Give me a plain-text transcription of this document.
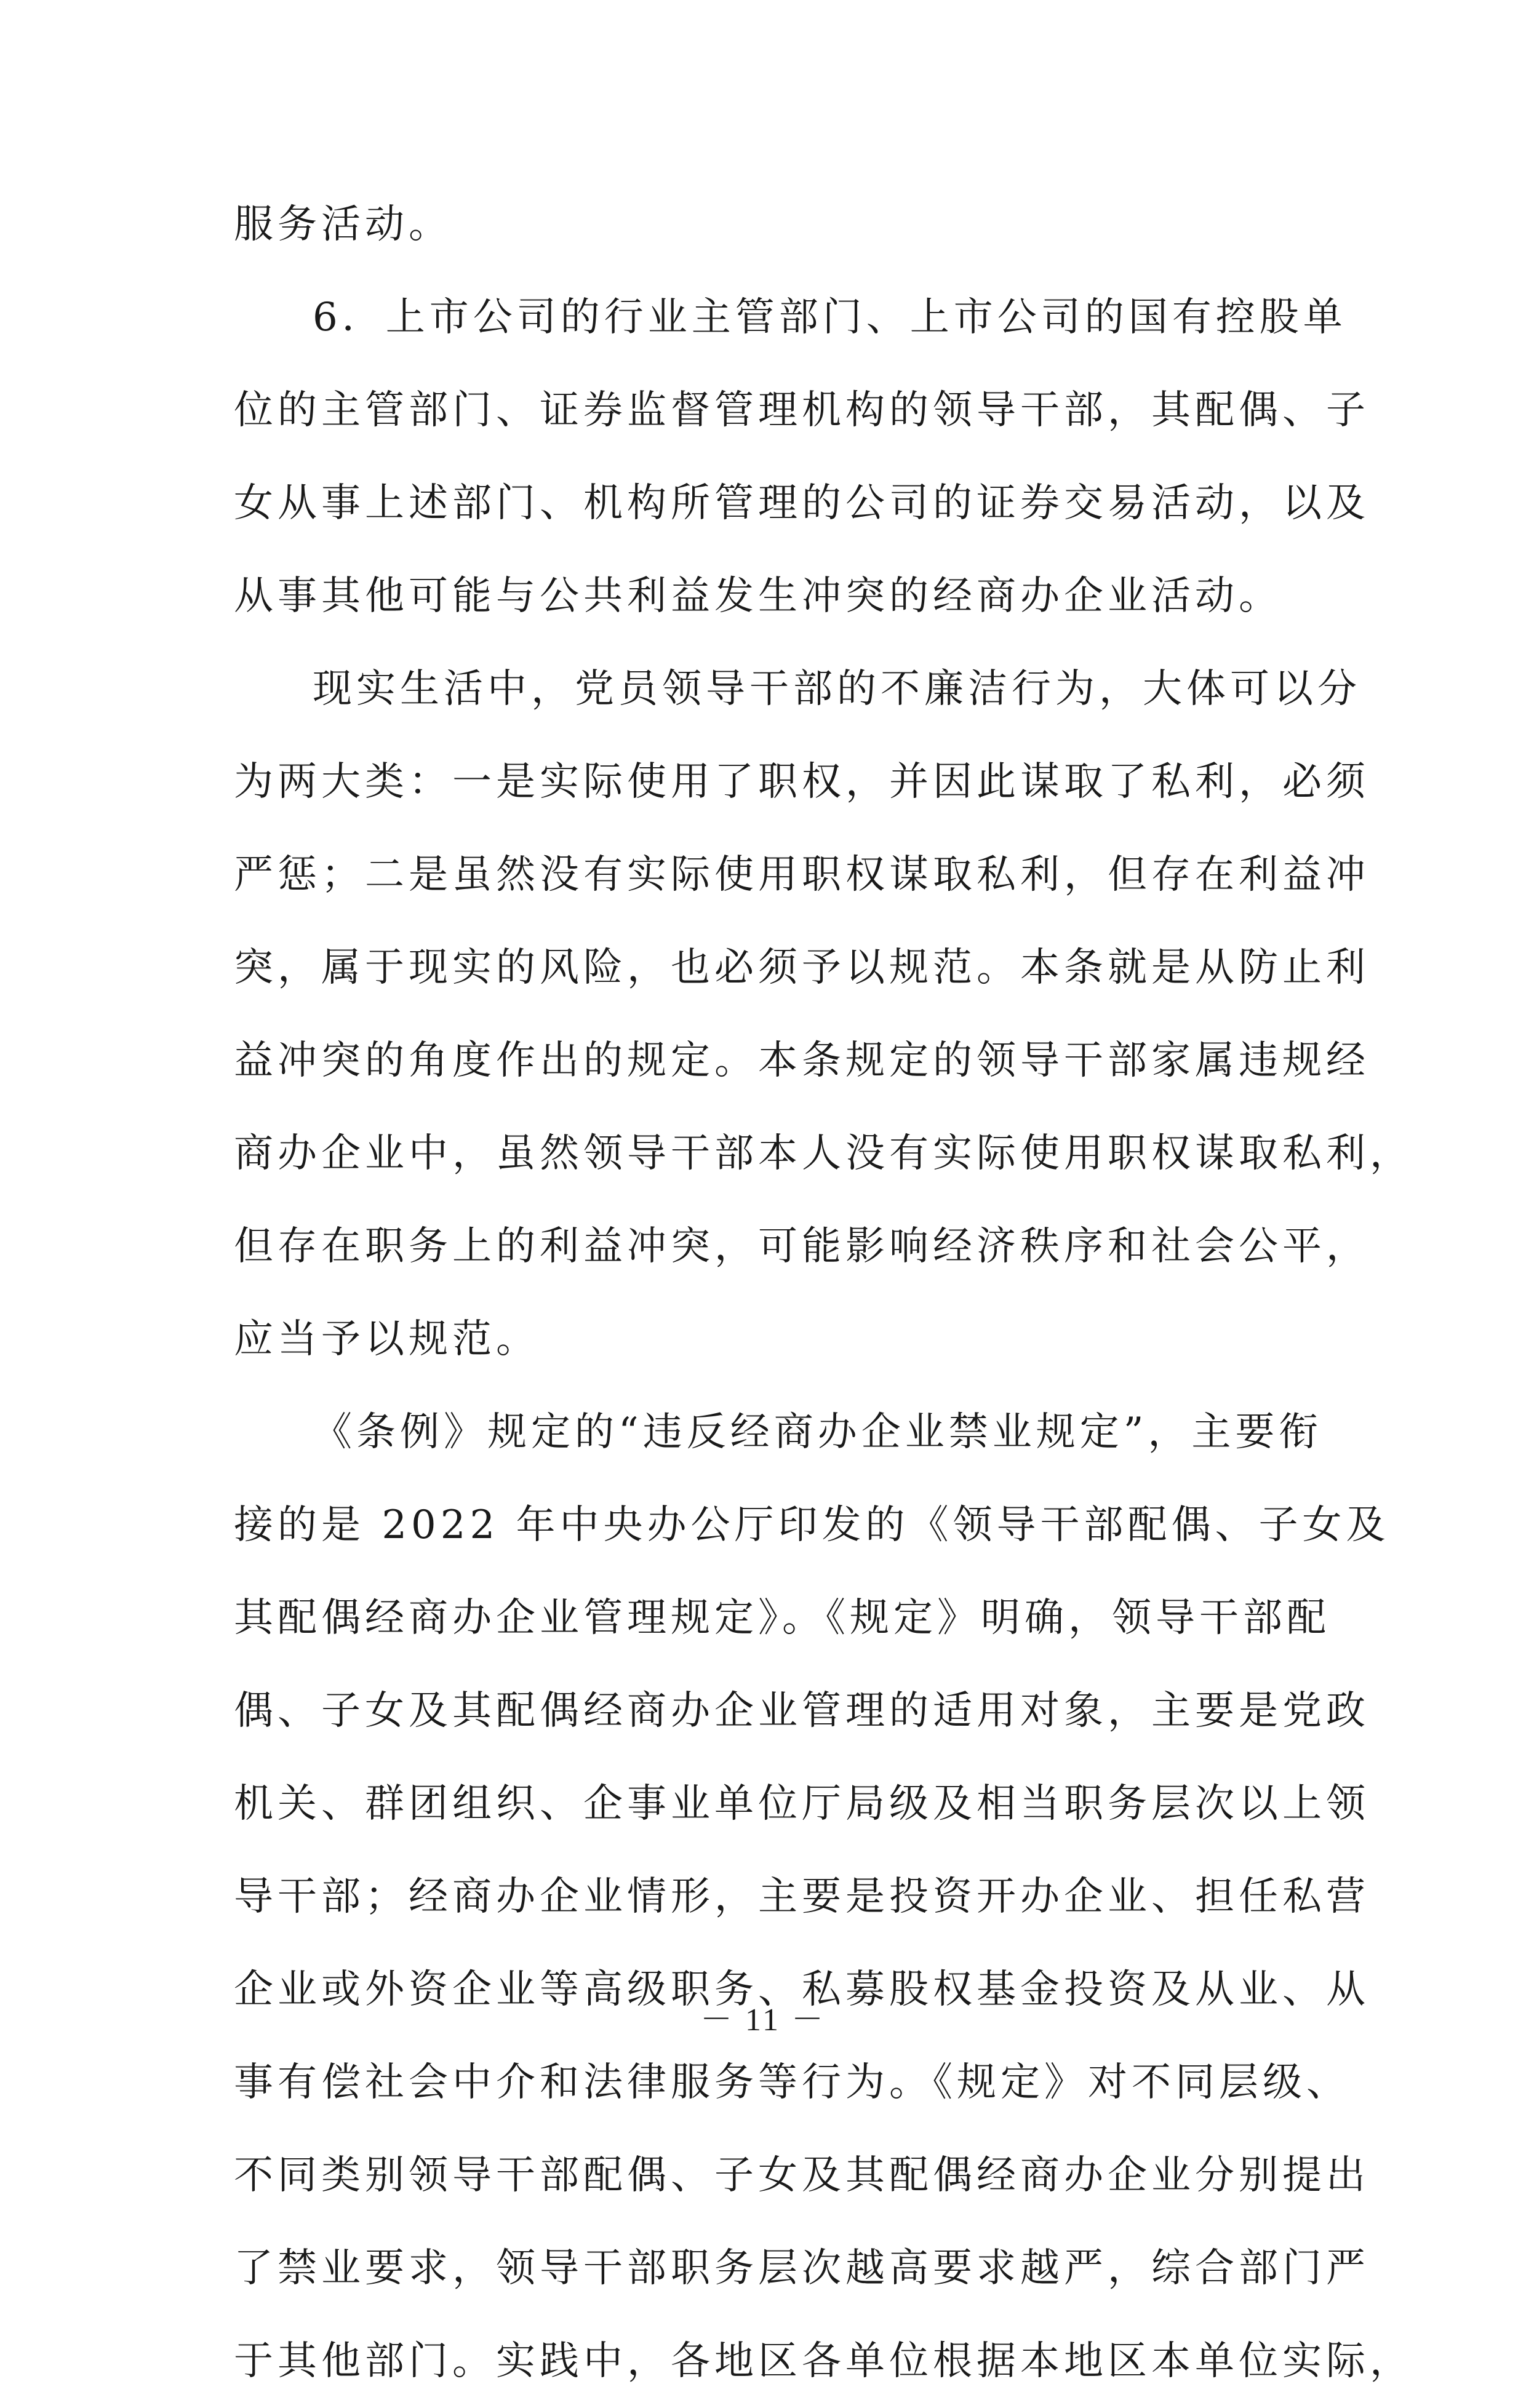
服务活动。
6．上市公司的行业主管部门、上市公司的国有控股单
位的主管部门、证券监督管理机构的领导干部，其配偶、子
女从事上述部门、机构所管理的公司的证券交易活动，以及
从事其他可能与公共利益发生冲突的经商办企业活动。
现实生活中，党员领导干部的不廉洁行为，大体可以分
为两大类：一是实际使用了职权，并因此谋取了私利，必须
严惩；二是虽然没有实际使用职权谋取私利，但存在利益冲
突，属于现实的风险，也必须予以规范。本条就是从防止利
益冲突的角度作出的规定。本条规定的领导干部家属违规经
商办企业中，虽然领导干部本人没有实际使用职权谋取私利，
但存在职务上的利益冲突，可能影响经济秩序和社会公平，
应当予以规范。
《条例》规定的“违反经商办企业禁业规定”，主要衔
接的是 2022 年中央办公厅印发的《领导干部配偶、子女及
其配偶经商办企业管理规定》。《规定》明确，领导干部配
偶、子女及其配偶经商办企业管理的适用对象，主要是党政
机关、群团组织、企事业单位厅局级及相当职务层次以上领
导干部；经商办企业情形，主要是投资开办企业、担任私营
企业或外资企业等高级职务、私募股权基金投资及从业、从
事有偿社会中介和法律服务等行为。《规定》对不同层级、
不同类别领导干部配偶、子女及其配偶经商办企业分别提出
了禁业要求，领导干部职务层次越高要求越严，综合部门严
于其他部门。实践中，各地区各单位根据本地区本单位实际，
－ 11 －
